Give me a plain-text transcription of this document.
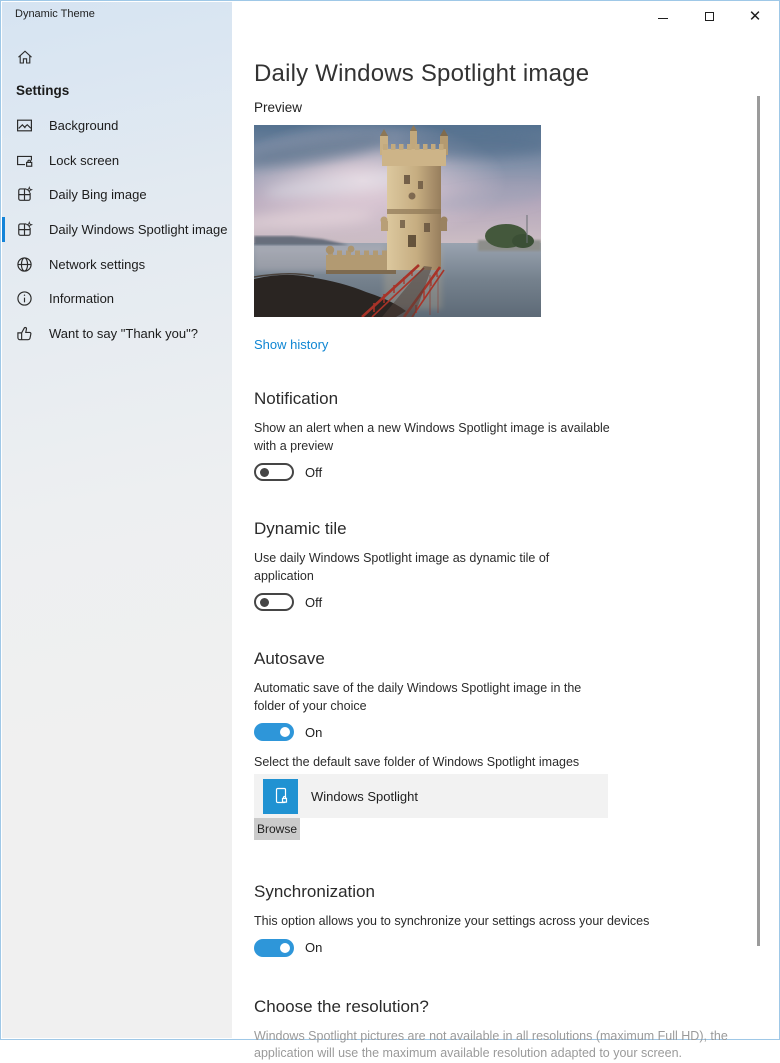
Dynamic Theme	✕
Settings
Background
Lock screen
Daily Bing image
Daily Windows Spotlight image
Network settings
Information
Want to say "Thank you"?
Daily Windows Spotlight image
Preview
Show history
Notification
Show an alert when a new Windows Spotlight image is available with a preview
Off
Dynamic tile
Use daily Windows Spotlight image as dynamic tile of application
Off
Autosave
Automatic save of the daily Windows Spotlight image in the folder of your choice
On
Select the default save folder of Windows Spotlight images
Windows Spotlight
Browse
Synchronization
This option allows you to synchronize your settings across your devices
On
Choose the resolution?
Windows Spotlight pictures are not available in all resolutions (maximum Full HD), the application will use the maximum available resolution adapted to your screen.
